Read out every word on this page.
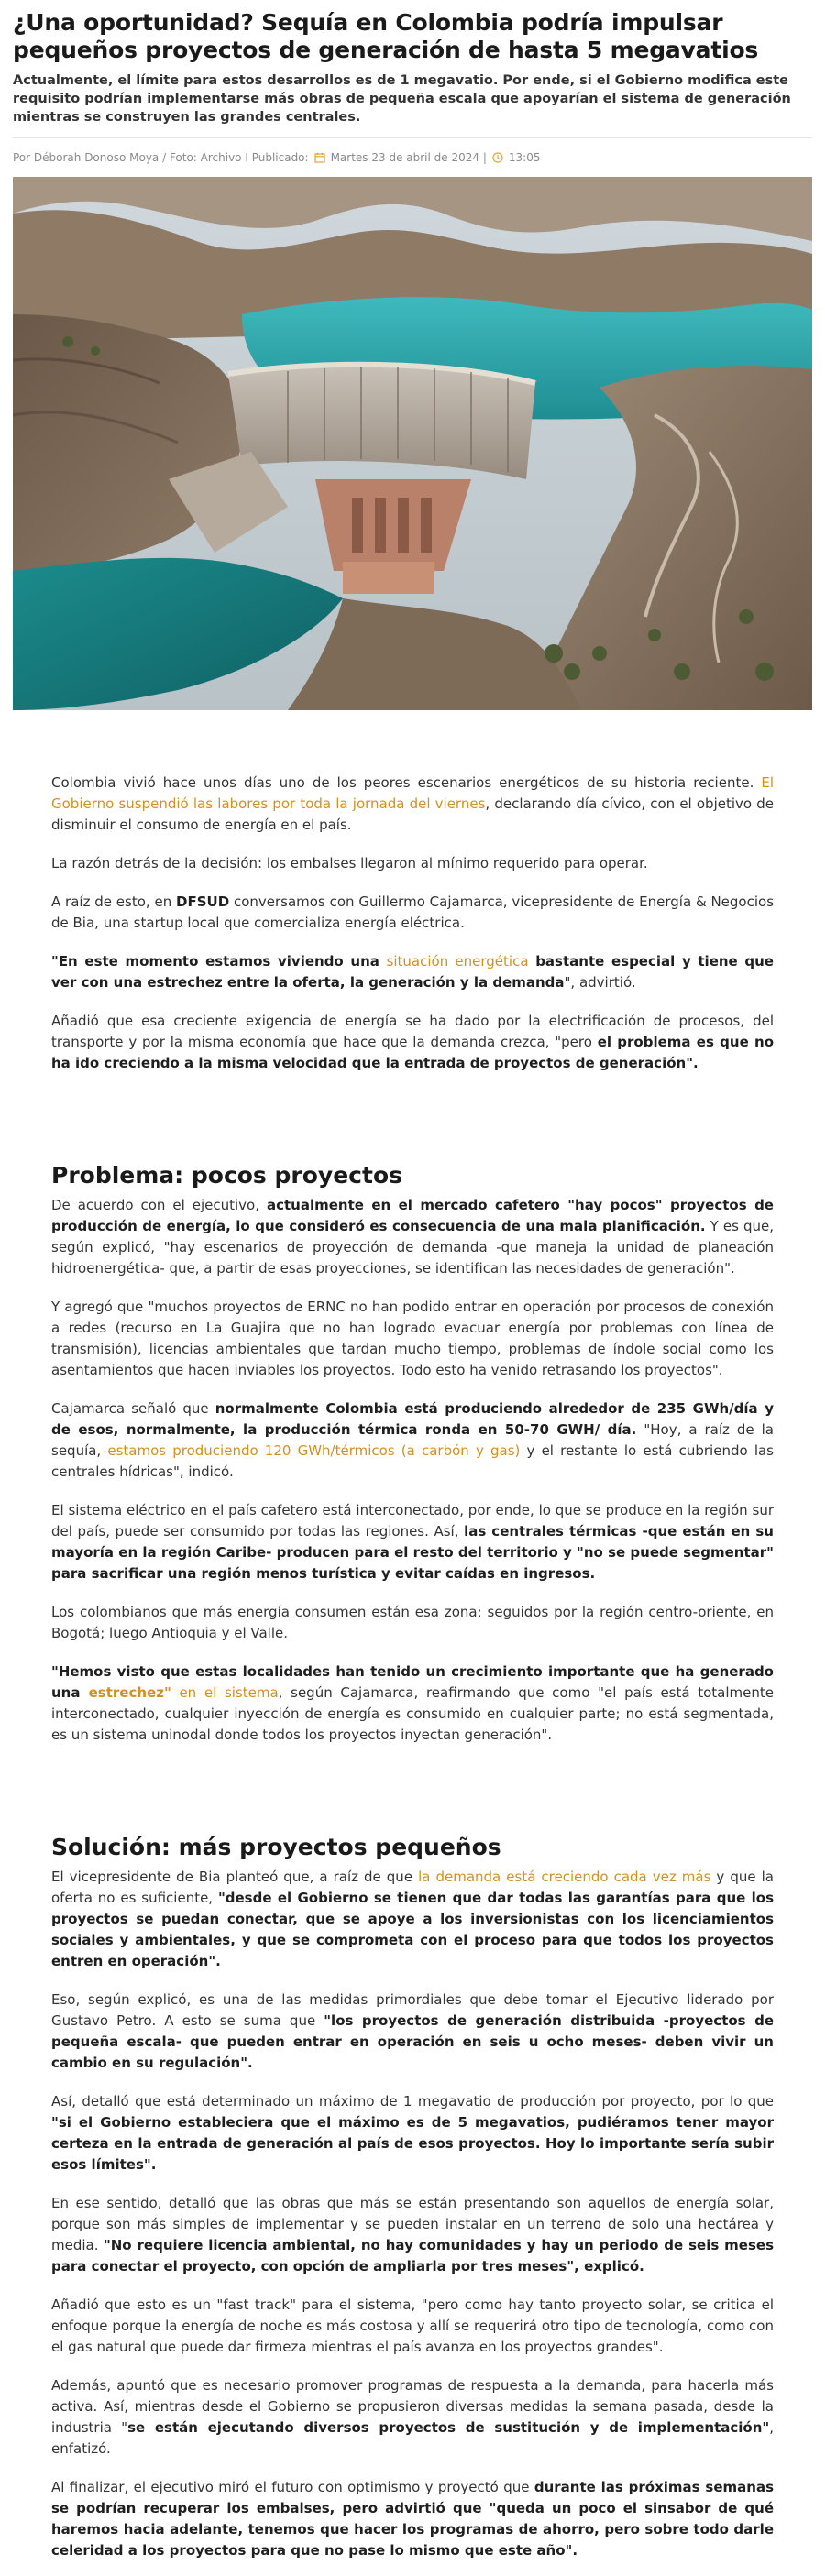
¿Una oportunidad? Sequía en Colombia podría impulsar pequeños proyectos de generación de hasta 5 megavatios
Actualmente, el límite para estos desarrollos es de 1 megavatio. Por ende, si el Gobierno modifica este requisito podrían implementarse más obras de pequeña escala que apoyarían el sistema de generación mientras se construyen las grandes centrales.
Por Déborah Donoso Moya / Foto: Archivo I Publicado: Martes 23 de abril de 2024 | 13:05

Colombia vivió hace unos días uno de los peores escenarios energéticos de su historia reciente. El Gobierno suspendió las labores por toda la jornada del viernes, declarando día cívico, con el objetivo de disminuir el consumo de energía en el país.

La razón detrás de la decisión: los embalses llegaron al mínimo requerido para operar.

A raíz de esto, en DFSUD conversamos con Guillermo Cajamarca, vicepresidente de Energía & Negocios de Bia, una startup local que comercializa energía eléctrica.

"En este momento estamos viviendo una situación energética bastante especial y tiene que ver con una estrechez entre la oferta, la generación y la demanda", advirtió.

Añadió que esa creciente exigencia de energía se ha dado por la electrificación de procesos, del transporte y por la misma economía que hace que la demanda crezca, "pero el problema es que no ha ido creciendo a la misma velocidad que la entrada de proyectos de generación".

Problema: pocos proyectos

De acuerdo con el ejecutivo, actualmente en el mercado cafetero "hay pocos" proyectos de producción de energía, lo que consideró es consecuencia de una mala planificación. Y es que, según explicó, "hay escenarios de proyección de demanda -que maneja la unidad de planeación hidroenergética- que, a partir de esas proyecciones, se identifican las necesidades de generación".

Y agregó que "muchos proyectos de ERNC no han podido entrar en operación por procesos de conexión a redes (recurso en La Guajira que no han logrado evacuar energía por problemas con línea de transmisión), licencias ambientales que tardan mucho tiempo, problemas de índole social como los asentamientos que hacen inviables los proyectos. Todo esto ha venido retrasando los proyectos".

Cajamarca señaló que normalmente Colombia está produciendo alrededor de 235 GWh/día y de esos, normalmente, la producción térmica ronda en 50-70 GWH/ día. "Hoy, a raíz de la sequía, estamos produciendo 120 GWh/térmicos (a carbón y gas) y el restante lo está cubriendo las centrales hídricas", indicó.

El sistema eléctrico en el país cafetero está interconectado, por ende, lo que se produce en la región sur del país, puede ser consumido por todas las regiones. Así, las centrales térmicas -que están en su mayoría en la región Caribe- producen para el resto del territorio y "no se puede segmentar" para sacrificar una región menos turística y evitar caídas en ingresos.

Los colombianos que más energía consumen están esa zona; seguidos por la región centro-oriente, en Bogotá; luego Antioquia y el Valle.

"Hemos visto que estas localidades han tenido un crecimiento importante que ha generado una estrechez" en el sistema, según Cajamarca, reafirmando que como "el país está totalmente interconectado, cualquier inyección de energía es consumido en cualquier parte; no está segmentada, es un sistema uninodal donde todos los proyectos inyectan generación".

Solución: más proyectos pequeños

El vicepresidente de Bia planteó que, a raíz de que la demanda está creciendo cada vez más y que la oferta no es suficiente, "desde el Gobierno se tienen que dar todas las garantías para que los proyectos se puedan conectar, que se apoye a los inversionistas con los licenciamientos sociales y ambientales, y que se comprometa con el proceso para que todos los proyectos entren en operación".

Eso, según explicó, es una de las medidas primordiales que debe tomar el Ejecutivo liderado por Gustavo Petro. A esto se suma que "los proyectos de generación distribuida -proyectos de pequeña escala- que pueden entrar en operación en seis u ocho meses- deben vivir un cambio en su regulación".

Así, detalló que está determinado un máximo de 1 megavatio de producción por proyecto, por lo que "si el Gobierno estableciera que el máximo es de 5 megavatios, pudiéramos tener mayor certeza en la entrada de generación al país de esos proyectos. Hoy lo importante sería subir esos límites".

En ese sentido, detalló que las obras que más se están presentando son aquellos de energía solar, porque son más simples de implementar y se pueden instalar en un terreno de solo una hectárea y media. "No requiere licencia ambiental, no hay comunidades y hay un periodo de seis meses para conectar el proyecto, con opción de ampliarla por tres meses", explicó.

Añadió que esto es un "fast track" para el sistema, "pero como hay tanto proyecto solar, se critica el enfoque porque la energía de noche es más costosa y allí se requerirá otro tipo de tecnología, como con el gas natural que puede dar firmeza mientras el país avanza en los proyectos grandes".

Además, apuntó que es necesario promover programas de respuesta a la demanda, para hacerla más activa. Así, mientras desde el Gobierno se propusieron diversas medidas la semana pasada, desde la industria "se están ejecutando diversos proyectos de sustitución y de implementación", enfatizó.

Al finalizar, el ejecutivo miró el futuro con optimismo y proyectó que durante las próximas semanas se podrían recuperar los embalses, pero advirtió que "queda un poco el sinsabor de qué haremos hacia adelante, tenemos que hacer los programas de ahorro, pero sobre todo darle celeridad a los proyectos para que no pase lo mismo que este año".
